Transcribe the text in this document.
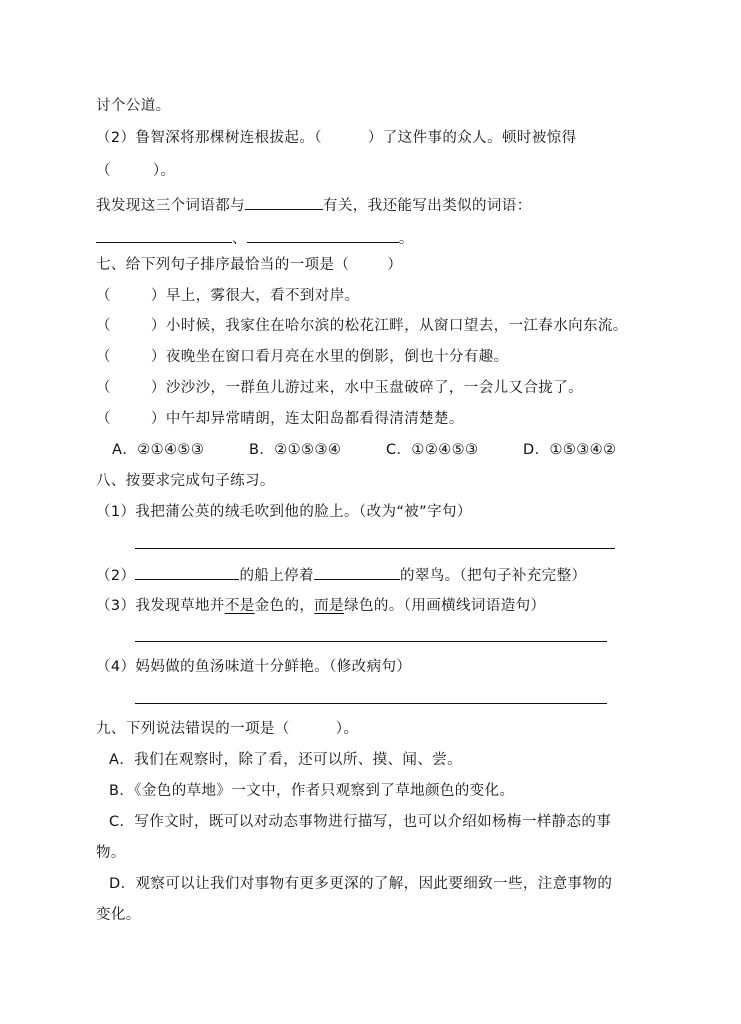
讨个公道。
（2）鲁智深将那棵树连根拔起。（	）了这件事的众人。顿时被惊得
（	）。
我发现这三个词语都与	有关，我还能写出类似的词语：
、	。
七、给下列句子排序最恰当的一项是（	）
（	）早上，雾很大，看不到对岸。
（	）小时候，我家住在哈尔滨的松花江畔，从窗口望去，一江春水向东流。
（	）夜晚坐在窗口看月亮在水里的倒影，倒也十分有趣。
（	）沙沙沙，一群鱼儿游过来，水中玉盘破碎了，一会儿又合拢了。
（	）中午却异常晴朗，连太阳岛都看得清清楚楚。
A．②①④⑤③	B．②①⑤③④	C．①②④⑤③	D．①⑤③④②
八、按要求完成句子练习。
（1）我把蒲公英的绒毛吹到他的脸上。（改为“被”字句）
（2）	的船上停着	的翠鸟。（把句子补充完整）
（3）我发现草地并不是金色的，而是绿色的。（用画横线词语造句）
（4）妈妈做的鱼汤味道十分鲜艳。（修改病句）
九、下列说法错误的一项是（	）。
A．我们在观察时，除了看，还可以所、摸、闻、尝。
B．《金色的草地》一文中，作者只观察到了草地颜色的变化。
C．写作文时，既可以对动态事物进行描写，也可以介绍如杨梅一样静态的事
物。
D．观察可以让我们对事物有更多更深的了解，因此要细致一些，注意事物的
变化。
